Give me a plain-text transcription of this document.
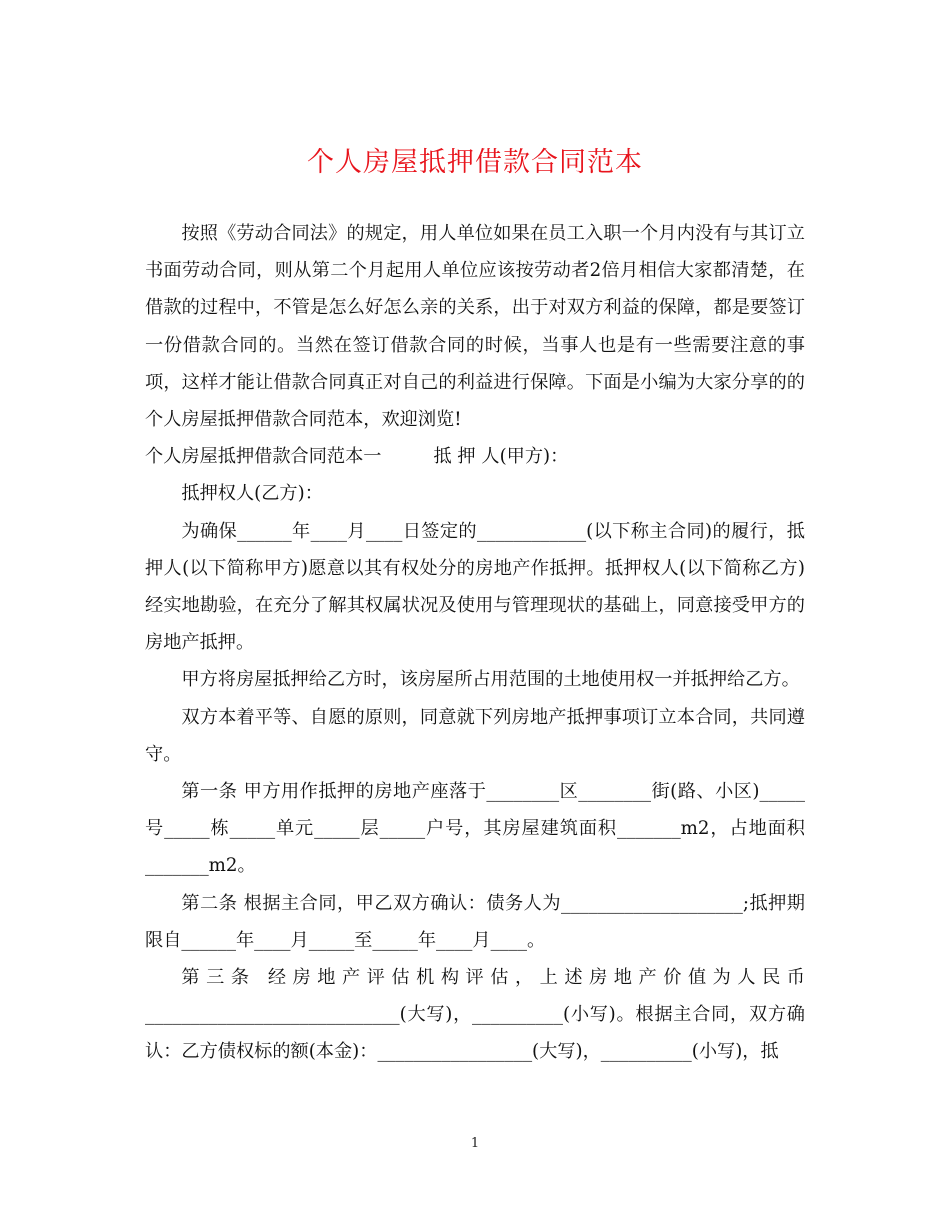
个人房屋抵押借款合同范本

按照《劳动合同法》的规定，用人单位如果在员工入职一个月内没有与其订立书面劳动合同，则从第二个月起用人单位应该按劳动者2倍月相信大家都清楚，在借款的过程中，不管是怎么好怎么亲的关系，出于对双方利益的保障，都是要签订一份借款合同的。当然在签订借款合同的时候，当事人也是有一些需要注意的事项，这样才能让借款合同真正对自己的利益进行保障。下面是小编为大家分享的的个人房屋抵押借款合同范本，欢迎浏览!

个人房屋抵押借款合同范本一	抵 押 人(甲方)：

抵押权人(乙方)：

为确保______年____月____日签定的____________(以下称主合同)的履行，抵押人(以下简称甲方)愿意以其有权处分的房地产作抵押。抵押权人(以下简称乙方)经实地勘验，在充分了解其权属状况及使用与管理现状的基础上，同意接受甲方的房地产抵押。

甲方将房屋抵押给乙方时，该房屋所占用范围的土地使用权一并抵押给乙方。

双方本着平等、自愿的原则，同意就下列房地产抵押事项订立本合同，共同遵守。

第一条 甲方用作抵押的房地产座落于________区________街(路、小区)_____号_____栋_____单元_____层_____户号，其房屋建筑面积_______m2，占地面积_______m2。

第二条 根据主合同，甲乙双方确认：债务人为____________________;抵押期限自______年____月_____至_____年____月____。

第三条 经房地产评估机构评估，上述房地产价值为人民币____________________________(大写)，__________(小写)。根据主合同，双方确认：乙方债权标的额(本金)：_________________(大写)，__________(小写)，抵

1
